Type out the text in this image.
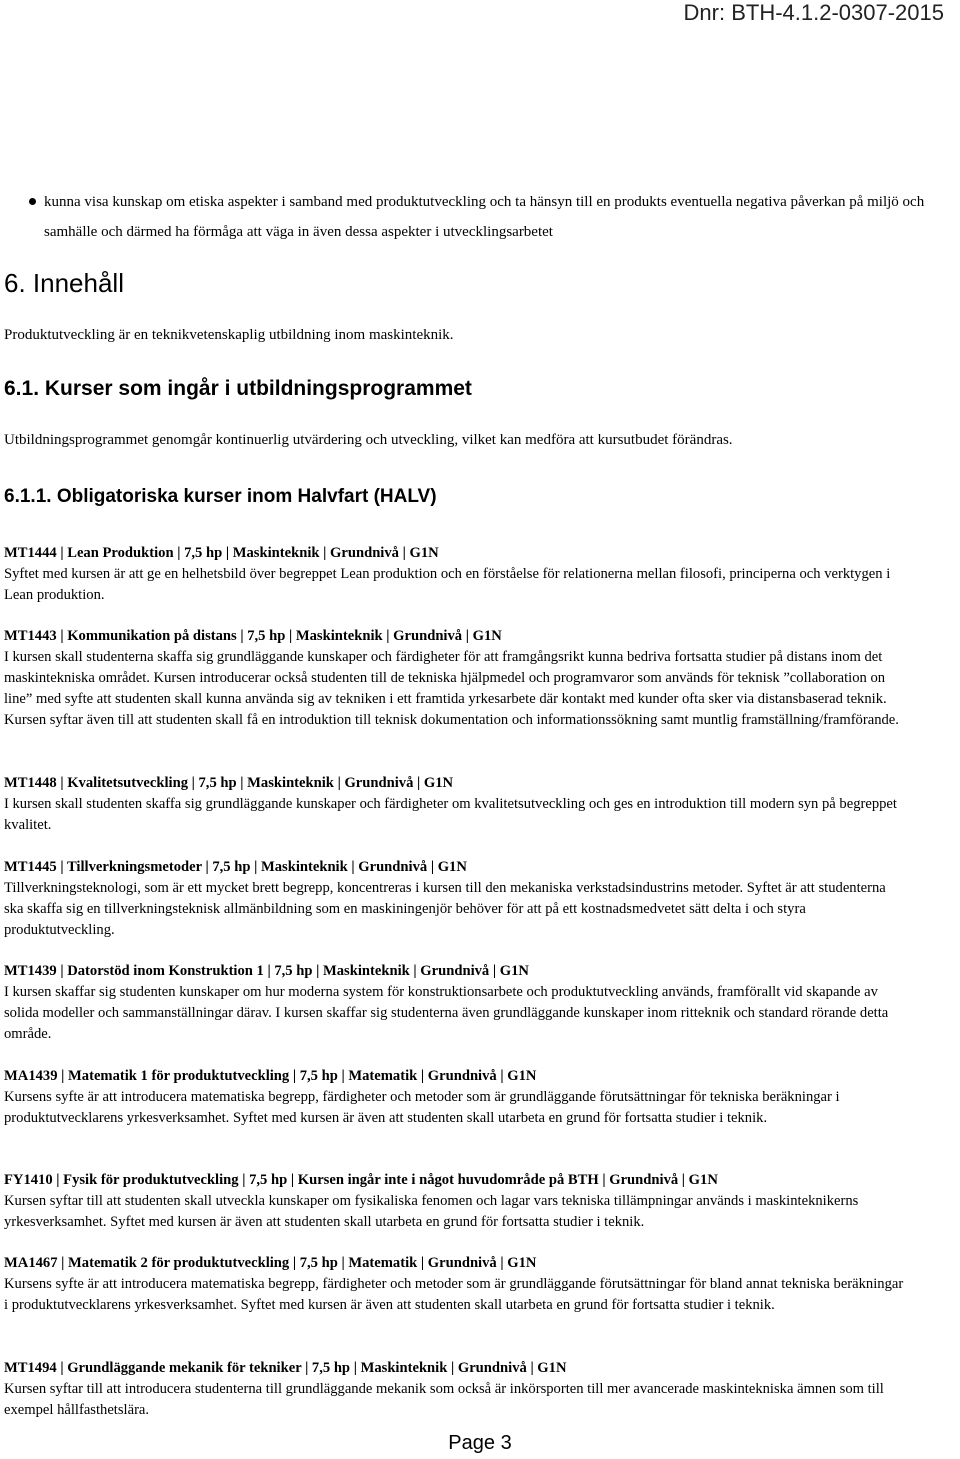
Dnr: BTH-4.1.2-0307-2015
kunna visa kunskap om etiska aspekter i samband med produktutveckling och ta hänsyn till en produkts eventuella negativa påverkan på miljö och samhälle och därmed ha förmåga att väga in även dessa aspekter i utvecklingsarbetet
6. Innehåll

Produktutveckling är en teknikvetenskaplig utbildning inom maskinteknik.

6.1. Kurser som ingår i utbildningsprogrammet

Utbildningsprogrammet genomgår kontinuerlig utvärdering och utveckling, vilket kan medföra att kursutbudet förändras.

6.1.1. Obligatoriska kurser inom Halvfart (HALV)
MT1444 | Lean Produktion | 7,5 hp | Maskinteknik | Grundnivå | G1N
Syftet med kursen är att ge en helhetsbild över begreppet Lean produktion och en förståelse för relationerna mellan filosofi, principerna och verktygen i Lean produktion.
MT1443 | Kommunikation på distans | 7,5 hp | Maskinteknik | Grundnivå | G1N
I kursen skall studenterna skaffa sig grundläggande kunskaper och färdigheter för att framgångsrikt kunna bedriva fortsatta studier på distans inom det maskintekniska området. Kursen introducerar också studenten till de tekniska hjälpmedel och programvaror som används för teknisk ”collaboration on line” med syfte att studenten skall kunna använda sig av tekniken i ett framtida yrkesarbete där kontakt med kunder ofta sker via distansbaserad teknik. Kursen syftar även till att studenten skall få en introduktion till teknisk dokumentation och informationssökning samt muntlig framställning/framförande.
MT1448 | Kvalitetsutveckling | 7,5 hp | Maskinteknik | Grundnivå | G1N
I kursen skall studenten skaffa sig grundläggande kunskaper och färdigheter om kvalitetsutveckling och ges en introduktion till modern syn på begreppet kvalitet.
MT1445 | Tillverkningsmetoder | 7,5 hp | Maskinteknik | Grundnivå | G1N
Tillverkningsteknologi, som är ett mycket brett begrepp, koncentreras i kursen till den mekaniska verkstadsindustrins metoder. Syftet är att studenterna ska skaffa sig en tillverkningsteknisk allmänbildning som en maskiningenjör behöver för att på ett kostnadsmedvetet sätt delta i och styra produktutveckling.
MT1439 | Datorstöd inom Konstruktion 1 | 7,5 hp | Maskinteknik | Grundnivå | G1N
I kursen skaffar sig studenten kunskaper om hur moderna system för konstruktionsarbete och produktutveckling används, framförallt vid skapande av solida modeller och sammanställningar därav. I kursen skaffar sig studenterna även grundläggande kunskaper inom ritteknik och standard rörande detta område.
MA1439 | Matematik 1 för produktutveckling | 7,5 hp | Matematik | Grundnivå | G1N
Kursens syfte är att introducera matematiska begrepp, färdigheter och metoder som är grundläggande förutsättningar för tekniska beräkningar i produktutvecklarens yrkesverksamhet. Syftet med kursen är även att studenten skall utarbeta en grund för fortsatta studier i teknik.
FY1410 | Fysik för produktutveckling | 7,5 hp | Kursen ingår inte i något huvudområde på BTH | Grundnivå | G1N
Kursen syftar till att studenten skall utveckla kunskaper om fysikaliska fenomen och lagar vars tekniska tillämpningar används i maskinteknikerns yrkesverksamhet. Syftet med kursen är även att studenten skall utarbeta en grund för fortsatta studier i teknik.
MA1467 | Matematik 2 för produktutveckling | 7,5 hp | Matematik | Grundnivå | G1N
Kursens syfte är att introducera matematiska begrepp, färdigheter och metoder som är grundläggande förutsättningar för bland annat tekniska beräkningar i produktutvecklarens yrkesverksamhet. Syftet med kursen är även att studenten skall utarbeta en grund för fortsatta studier i teknik.
MT1494 | Grundläggande mekanik för tekniker | 7,5 hp | Maskinteknik | Grundnivå | G1N
Kursen syftar till att introducera studenterna till grundläggande mekanik som också är inkörsporten till mer avancerade maskintekniska ämnen som till exempel hållfasthetslära.
Page 3
